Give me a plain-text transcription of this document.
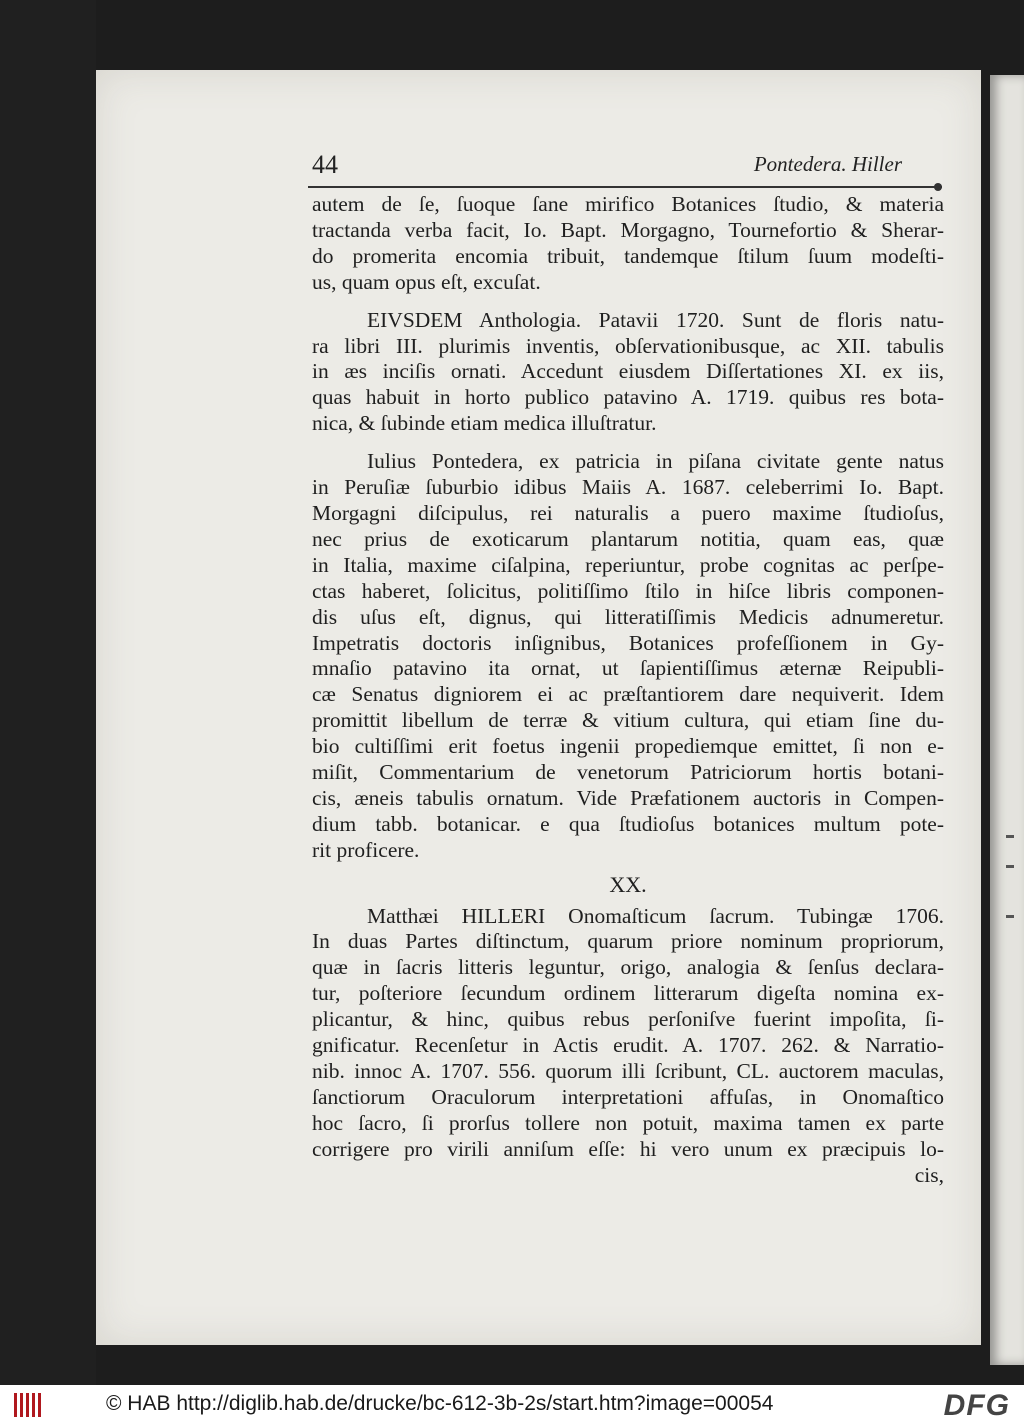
44	Pontedera. Hiller
autem de ſe, ſuoque ſane mirifico Botanices ſtudio, & materia
tractanda verba facit, Io. Bapt. Morgagno, Tournefortio & Sherar-
do promerita encomia tribuit, tandemque ſtilum ſuum modeſti-
us, quam opus eſt, excuſat.
EIVSDEM Anthologia. Patavii 1720. Sunt de floris natu-
ra libri III. plurimis inventis, obſervationibusque, ac XII. tabulis
in æs inciſis ornati. Accedunt eiusdem Diſſertationes XI. ex iis,
quas habuit in horto publico patavino A. 1719. quibus res bota-
nica, & ſubinde etiam medica illuſtratur.
Iulius Pontedera, ex patricia in piſana civitate gente natus
in Peruſiæ ſuburbio idibus Maiis A. 1687. celeberrimi Io. Bapt.
Morgagni diſcipulus, rei naturalis a puero maxime ſtudioſus,
nec prius de exoticarum plantarum notitia, quam eas, quæ
in Italia, maxime ciſalpina, reperiuntur, probe cognitas ac perſpe-
ctas haberet, ſolicitus, politiſſimo ſtilo in hiſce libris componen-
dis uſus eſt, dignus, qui litteratiſſimis Medicis adnumeretur.
Impetratis doctoris inſignibus, Botanices profeſſionem in Gy-
mnaſio patavino ita ornat, ut ſapientiſſimus æternæ Reipubli-
cæ Senatus digniorem ei ac præſtantiorem dare nequiverit. Idem
promittit libellum de terræ & vitium cultura, qui etiam ſine du-
bio cultiſſimi erit foetus ingenii propediemque emittet, ſi non e-
miſit, Commentarium de venetorum Patriciorum hortis botani-
cis, æneis tabulis ornatum. Vide Præfationem auctoris in Compen-
dium tabb. botanicar. e qua ſtudioſus botanices multum pote-
rit proficere.
XX.
Matthæi HILLERI Onomaſticum ſacrum. Tubingæ 1706.
In duas Partes diſtinctum, quarum priore nominum propriorum,
quæ in ſacris litteris leguntur, origo, analogia & ſenſus declara-
tur, poſteriore ſecundum ordinem litterarum digeſta nomina ex-
plicantur, & hinc, quibus rebus perſoniſve fuerint impoſita, ſi-
gnificatur. Recenſetur in Actis erudit. A. 1707. 262. & Narratio-
nib. innoc A. 1707. 556. quorum illi ſcribunt, CL. auctorem maculas,
ſanctiorum Oraculorum interpretationi affuſas, in Onomaſtico
hoc ſacro, ſi prorſus tollere non potuit, maxima tamen ex parte
corrigere pro virili anniſum eſſe: hi vero unum ex præcipuis lo-
cis,
© HAB http://diglib.hab.de/drucke/bc-612-3b-2s/start.htm?image=00054	DFG
